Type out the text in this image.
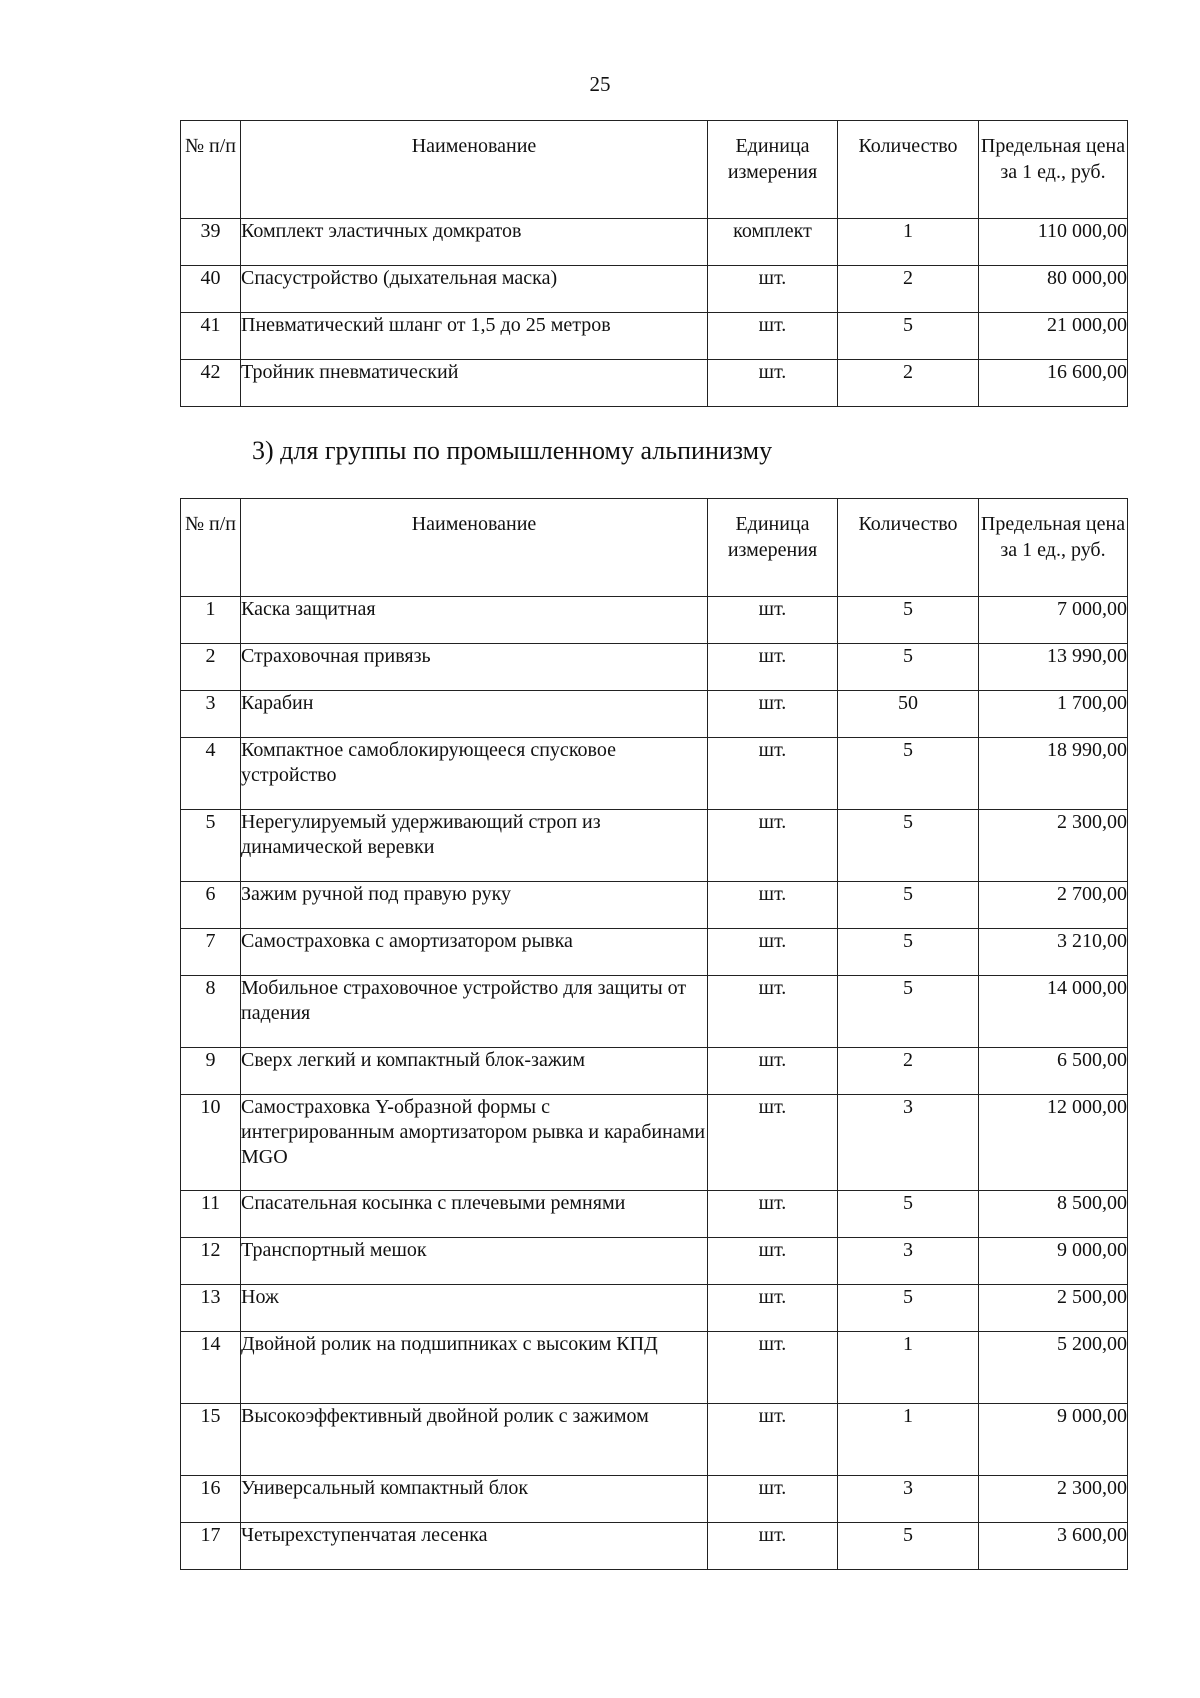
25
№ п/п	Наименование	Единица измерения	Количество	Предельная цена за 1 ед., руб.
39	Комплект эластичных домкратов	комплект	1	110 000,00
40	Спасустройство (дыхательная маска)	шт.	2	80 000,00
41	Пневматический шланг от 1,5 до 25 метров	шт.	5	21 000,00
42	Тройник пневматический	шт.	2	16 600,00
3) для группы по промышленному альпинизму
№ п/п	Наименование	Единица измерения	Количество	Предельная цена за 1 ед., руб.
1	Каска защитная	шт.	5	7 000,00
2	Страховочная привязь	шт.	5	13 990,00
3	Карабин	шт.	50	1 700,00
4	Компактное самоблокирующееся спусковое устройство	шт.	5	18 990,00
5	Нерегулируемый удерживающий строп из динамической веревки	шт.	5	2 300,00
6	Зажим ручной под правую руку	шт.	5	2 700,00
7	Самостраховка с амортизатором рывка	шт.	5	3 210,00
8	Мобильное страховочное устройство для защиты от падения	шт.	5	14 000,00
9	Сверх легкий и компактный блок-зажим	шт.	2	6 500,00
10	Самостраховка Y-образной формы с интегрированным амортизатором рывка и карабинами MGO	шт.	3	12 000,00
11	Спасательная косынка с плечевыми ремнями	шт.	5	8 500,00
12	Транспортный мешок	шт.	3	9 000,00
13	Нож	шт.	5	2 500,00
14	Двойной ролик на подшипниках с высоким КПД	шт.	1	5 200,00
15	Высокоэффективный двойной ролик с зажимом	шт.	1	9 000,00
16	Универсальный компактный блок	шт.	3	2 300,00
17	Четырехступенчатая лесенка	шт.	5	3 600,00
